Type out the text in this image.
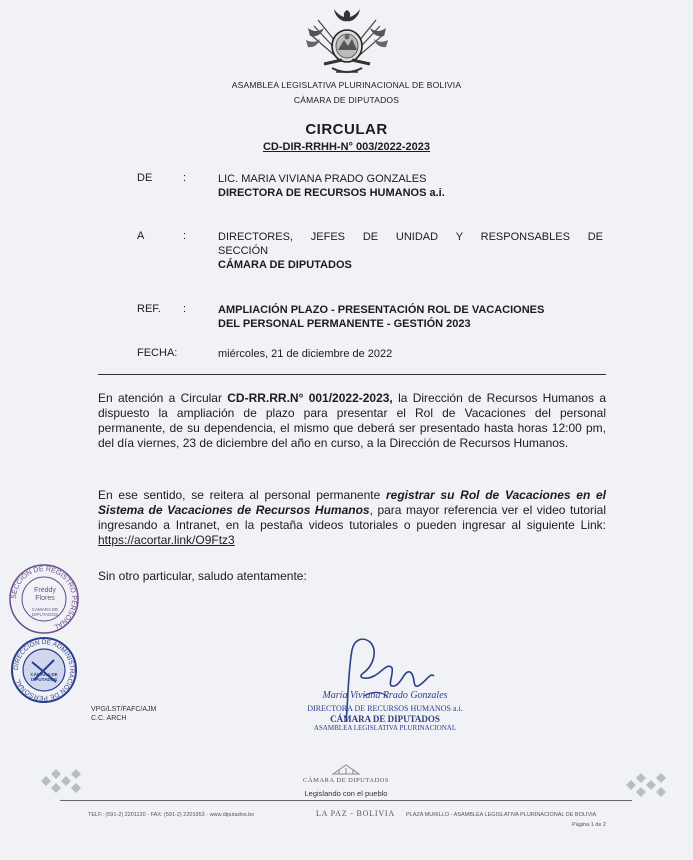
ASAMBLEA LEGISLATIVA PLURINACIONAL DE BOLIVIA
CÁMARA DE DIPUTADOS
CIRCULAR
CD-DIR-RRHH-N° 003/2022-2023
DE	:	LIC. MARIA VIVIANA PRADO GONZALES
DIRECTORA DE RECURSOS HUMANOS a.i.
A	:	DIRECTORES, JEFES DE UNIDAD Y RESPONSABLES DE
SECCIÓN
CÁMARA DE DIPUTADOS
REF. :	AMPLIACIÓN PLAZO - PRESENTACIÓN ROL DE VACACIONES
DEL PERSONAL PERMANENTE - GESTIÓN 2023
FECHA:	miércoles, 21 de diciembre de 2022
En atención a Circular CD-RR.RR.N° 001/2022-2023, la Dirección de Recursos Humanos a dispuesto la ampliación de plazo para presentar el Rol de Vacaciones del personal permanente, de su dependencia, el mismo que deberá ser presentado hasta horas 12:00 pm, del día viernes, 23 de diciembre del año en curso, a la Dirección de Recursos Humanos.
En ese sentido, se reitera al personal permanente registrar su Rol de Vacaciones en el Sistema de Vacaciones de Recursos Humanos, para mayor referencia ver el video tutorial ingresando a Intranet, en la pestaña videos tutoriales o pueden ingresar al siguiente Link: https://acortar.link/O9Ftz3
Sin otro particular, saludo atentamente:
SECCIÓN DE REGISTRO PERSONAL
Freddy Flores
CÁMARA DE DIPUTADOS
DIRECCIÓN DE ADMINISTRACIÓN DE PERSONAL
CÁMARA DE DIPUTADOS
VPG/LST/FAFC/AJM
C.C. ARCH
María Viviana Prado Gonzales
DIRECTORA DE RECURSOS HUMANOS a.i.
CÁMARA DE DIPUTADOS
ASAMBLEA LEGISLATIVA PLURINACIONAL
CÁMARA DE DIPUTADOS
Legislando con el pueblo
TELF.: (591-2) 2201120 - FAX: (591-2) 2201953 · www.diputados.bo	LA PAZ - BOLIVIA PLAZA MURILLO - ASAMBLEA LEGISLATIVA PLURINACIONAL DE BOLIVIA
Página 1 de 2
